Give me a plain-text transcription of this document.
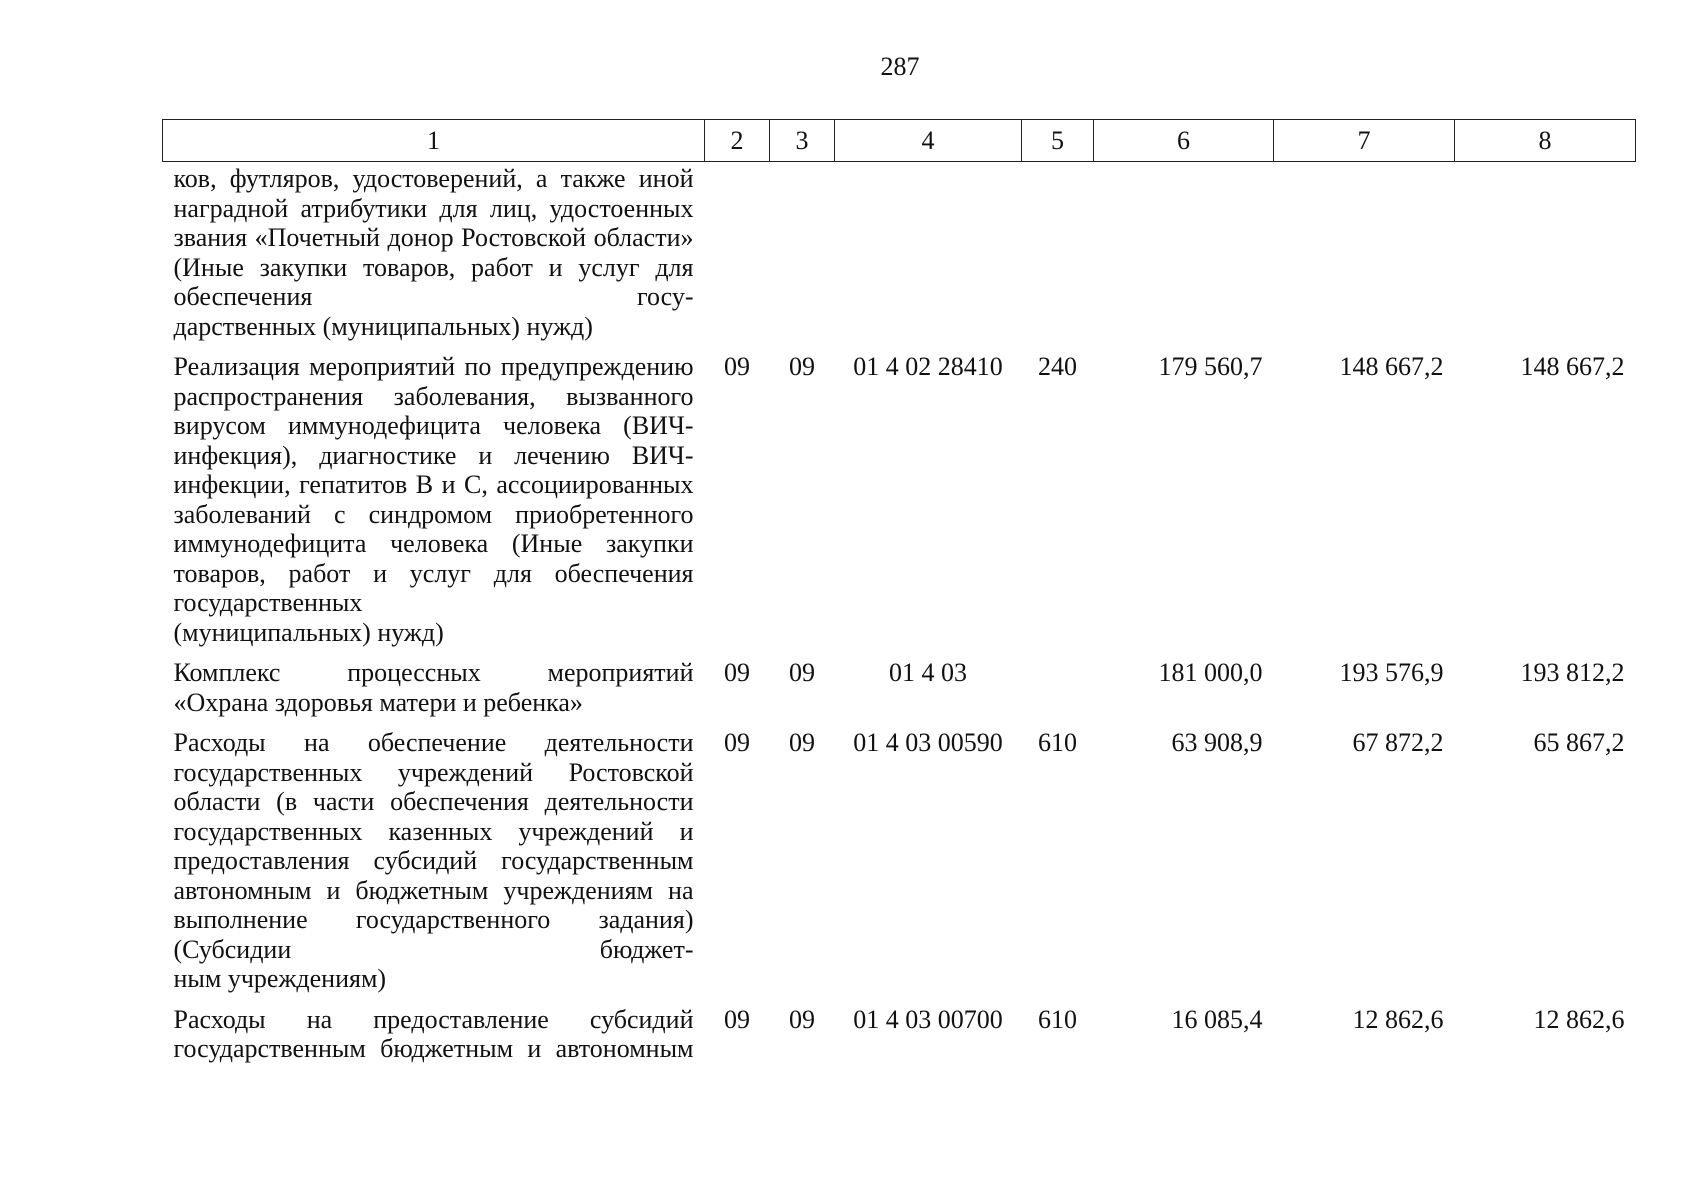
287
1	2	3	4	5	6	7	8
ков, футляров, удостоверений, а также иной наградной атрибутики для лиц, удостоенных звания «Почетный донор Ростовской области» (Иные закупки товаров, работ и услуг для обеспечения госу-
дарственных (муниципальных) нужд)							

Реализация мероприятий по предупреждению распространения заболевания, вызванного вирусом иммунодефицита человека (ВИЧ-инфекция), диагностике и лечению ВИЧ-инфекции, гепатитов В и С, ассоциированных заболеваний с синдромом приобретенного иммунодефицита человека (Иные закупки товаров, работ и услуг для обеспечения государственных
(муниципальных) нужд)	09	09	01 4 02 28410	240	179 560,7	148 667,2	148 667,2
Комплекс процессных мероприятий
«Охрана здоровья матери и ребенка»	09	09	01 4 03		181 000,0	193 576,9	193 812,2
Расходы на обеспечение деятельности государственных учреждений Ростовской области (в части обеспечения деятельности государственных казенных учреждений и предоставления субсидий государственным автономным и бюджетным учреждениям на выполнение государственного задания) (Субсидии бюджет-
ным учреждениям)	09	09	01 4 03 00590	610	63 908,9	67 872,2	65 867,2
Расходы на предоставление субсидий государственным бюджетным и автономным	09	09	01 4 03 00700	610	16 085,4	12 862,6	12 862,6
